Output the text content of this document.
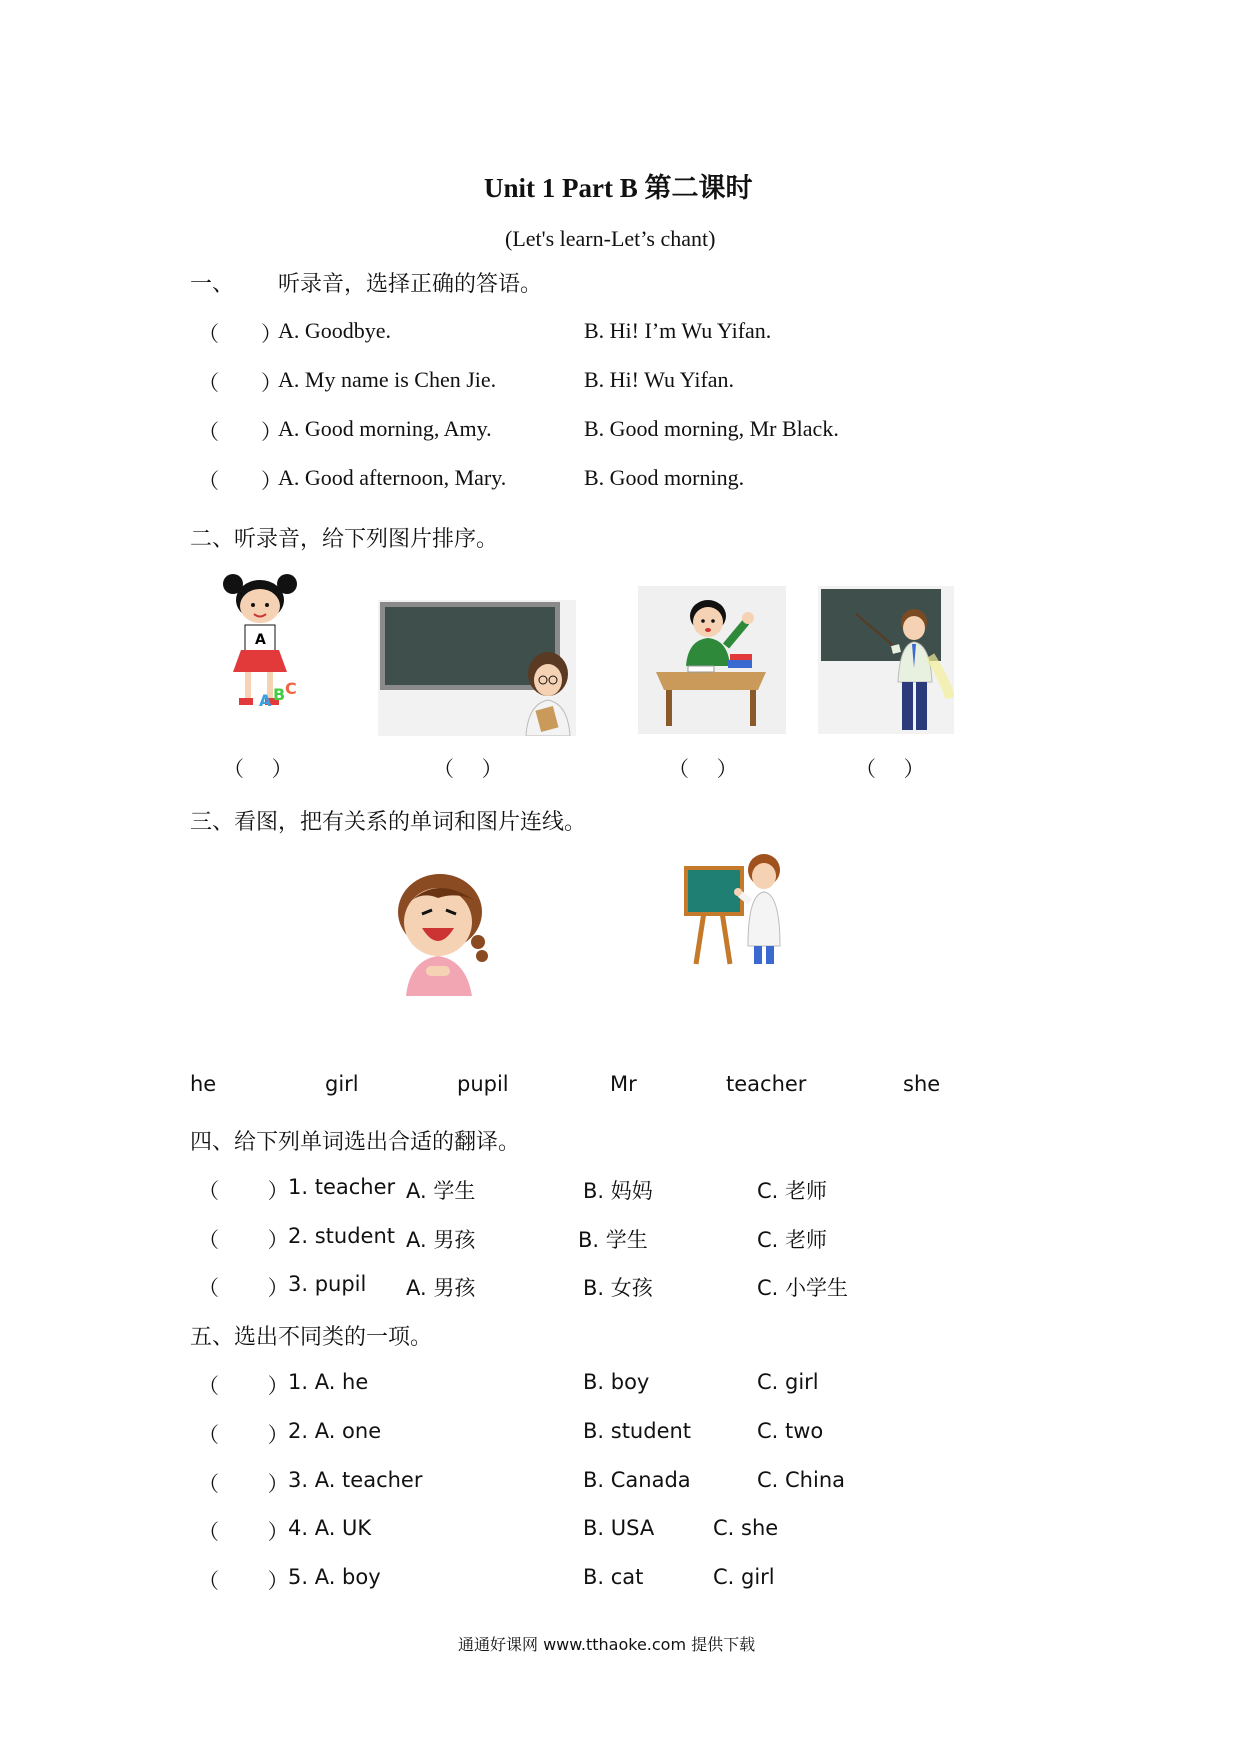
Unit 1 Part B 第二课时
(Let's learn-Let’s chant)
一、 听录音，选择正确的答语。
（　　）
A. Goodbye.	B. Hi! I’m Wu Yifan.
（　　）
A. My name is Chen Jie.	B. Hi! Wu Yifan.
（　　）
A. Good morning, Amy.	B. Good morning, Mr Black.
（　　）
A. Good afternoon, Mary.	B. Good morning.
二、听录音，给下列图片排序。
A
A B C
（　 ）	（　 ）	（　 ）	（　 ）
三、看图，把有关系的单词和图片连线。
he	girl	pupil	Mr	teacher	she
四、给下列单词选出合适的翻译。
（　　 ） 1. teacher A. 学生	B. 妈妈	C. 老师
（　　 ） 2. student A. 男孩	B. 学生	C. 老师
（　　 ） 3. pupil A. 男孩	B. 女孩	C. 小学生
五、选出不同类的一项。
（　　 ） 1. A. he	B. boy	C. girl
（　　 ） 2. A. one	B. student	C. two
（　　 ） 3. A. teacher	B. Canada	C. China
（　　 ） 4. A. UK	B. USA	C. she
（　　 ） 5. A. boy	B. cat	C. girl
通通好课网 www.tthaoke.com 提供下载
